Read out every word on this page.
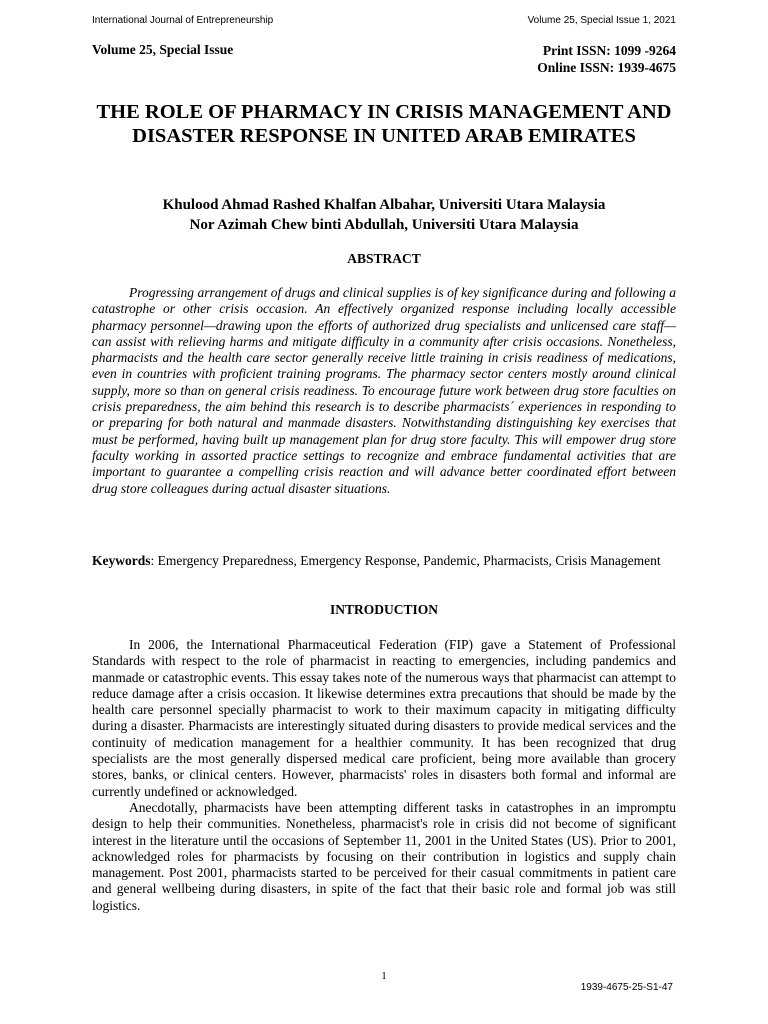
International Journal of Entrepreneurship	Volume 25, Special Issue 1, 2021
Volume 25, Special Issue	Print ISSN: 1099 -9264
Online ISSN: 1939-4675
THE ROLE OF PHARMACY IN CRISIS MANAGEMENT AND DISASTER RESPONSE IN UNITED ARAB EMIRATES
Khulood Ahmad Rashed Khalfan Albahar, Universiti Utara Malaysia
Nor Azimah Chew binti Abdullah, Universiti Utara Malaysia
ABSTRACT

Progressing arrangement of drugs and clinical supplies is of key significance during and following a catastrophe or other crisis occasion. An effectively organized response including locally accessible pharmacy personnel—drawing upon the efforts of authorized drug specialists and unlicensed care staff—can assist with relieving harms and mitigate difficulty in a community after crisis occasions. Nonetheless, pharmacists and the health care sector generally receive little training in crisis readiness of medications, even in countries with proficient training programs. The pharmacy sector centers mostly around clinical supply, more so than on general crisis readiness. To encourage future work between drug store faculties on crisis preparedness, the aim behind this research is to describe pharmacists´ experiences in responding to or preparing for both natural and manmade disasters. Notwithstanding distinguishing key exercises that must be performed, having built up management plan for drug store faculty. This will empower drug store faculty working in assorted practice settings to recognize and embrace fundamental activities that are important to guarantee a compelling crisis reaction and will advance better coordinated effort between drug store colleagues during actual disaster situations.

Keywords: Emergency Preparedness, Emergency Response, Pandemic, Pharmacists, Crisis Management

INTRODUCTION

In 2006, the International Pharmaceutical Federation (FIP) gave a Statement of Professional Standards with respect to the role of pharmacist in reacting to emergencies, including pandemics and manmade or catastrophic events. This essay takes note of the numerous ways that pharmacist can attempt to reduce damage after a crisis occasion. It likewise determines extra precautions that should be made by the health care personnel specially pharmacist to work to their maximum capacity in mitigating difficulty during a disaster. Pharmacists are interestingly situated during disasters to provide medical services and the continuity of medication management for a healthier community. It has been recognized that drug specialists are the most generally dispersed medical care proficient, being more available than grocery stores, banks, or clinical centers. However, pharmacists' roles in disasters both formal and informal are currently undefined or acknowledged.

Anecdotally, pharmacists have been attempting different tasks in catastrophes in an impromptu design to help their communities. Nonetheless, pharmacist's role in crisis did not become of significant interest in the literature until the occasions of September 11, 2001 in the United States (US). Prior to 2001, acknowledged roles for pharmacists by focusing on their contribution in logistics and supply chain management. Post 2001, pharmacists started to be perceived for their casual commitments in patient care and general wellbeing during disasters, in spite of the fact that their basic role and formal job was still logistics.

1
1939-4675-25-S1-47
